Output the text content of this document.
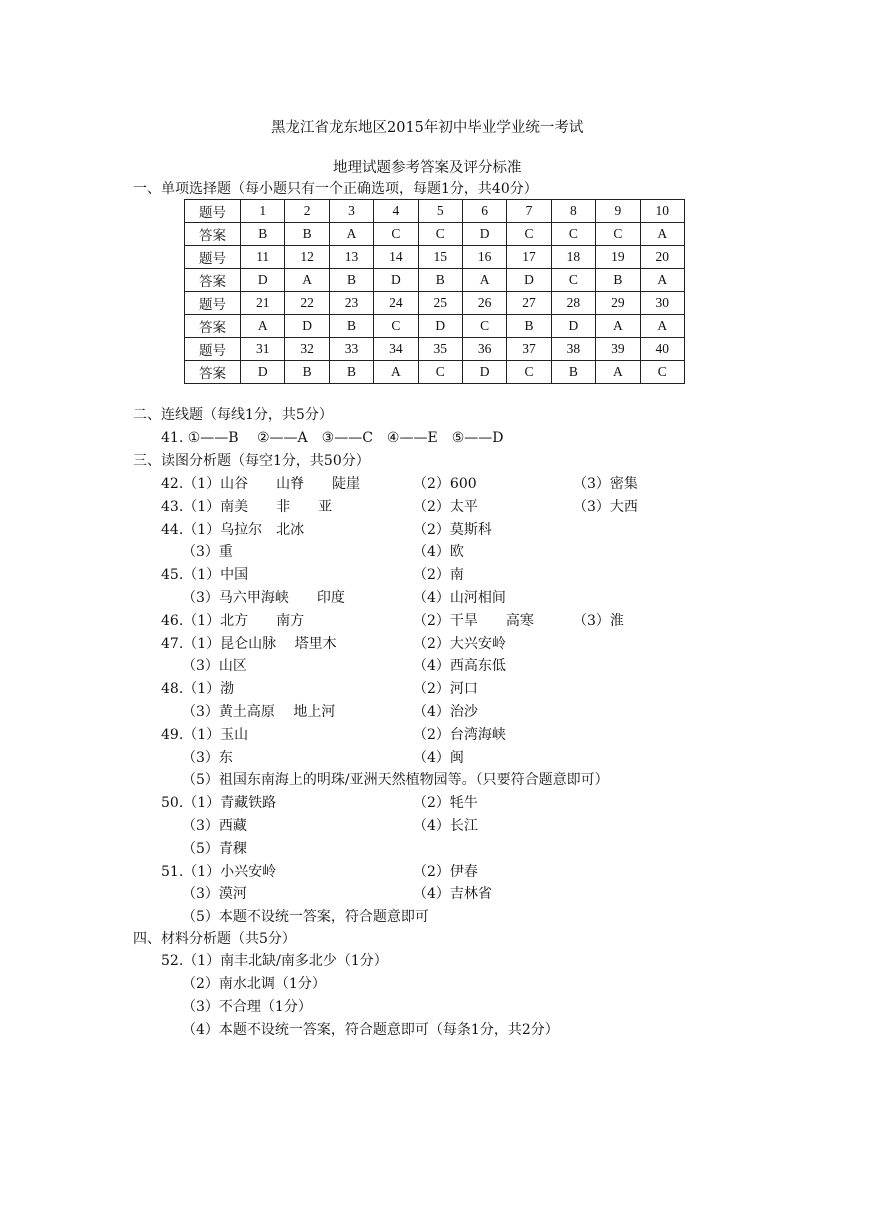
黑龙江省龙东地区2015年初中毕业学业统一考试
地理试题参考答案及评分标准
一、单项选择题（每小题只有一个正确选项，每题1分，共40分）
题号	1	2	3	4	5	6	7	8	9	10
答案	B	B	A	C	C	D	C	C	C	A
题号	11	12	13	14	15	16	17	18	19	20
答案	D	A	B	D	B	A	D	C	B	A
题号	21	22	23	24	25	26	27	28	29	30
答案	A	D	B	C	D	C	B	D	A	A
题号	31	32	33	34	35	36	37	38	39	40
答案	D	B	B	A	C	D	C	B	A	C
二、连线题（每线1分，共5分）
41. ①——B　 ②——A　③——C　④——E　⑤——D
三、读图分析题（每空1分，共50分）
42.（1）山谷　　山脊　　陡崖	（2）600	（3）密集
43.（1）南美　　非　　亚	（2）太平	（3）大西
44.（1）乌拉尔　北冰	（2）莫斯科
　　（3）重	（4）欧
45.（1）中国	（2）南
　　（3）马六甲海峡　　印度	（4）山河相间
46.（1）北方　　南方	（2）干旱　　高寒	（3）淮
47.（1）昆仑山脉　 塔里木	（2）大兴安岭
　　（3）山区	（4）西高东低
48.（1）渤	（2）河口
　　（3）黄土高原　 地上河	（4）治沙
49.（1）玉山	（2）台湾海峡
　　（3）东	（4）闽
　　（5）祖国东南海上的明珠/亚洲天然植物园等。（只要符合题意即可）
50.（1）青藏铁路	（2）牦牛
　　（3）西藏	（4）长江
　　（5）青稞
51.（1）小兴安岭	（2）伊春
　　（3）漠河	（4）吉林省
　　（5）本题不设统一答案，符合题意即可
四、材料分析题（共5分）
52.（1）南丰北缺/南多北少（1分）
　　（2）南水北调（1分）
　　（3）不合理（1分）
　　（4）本题不设统一答案，符合题意即可（每条1分，共2分）
